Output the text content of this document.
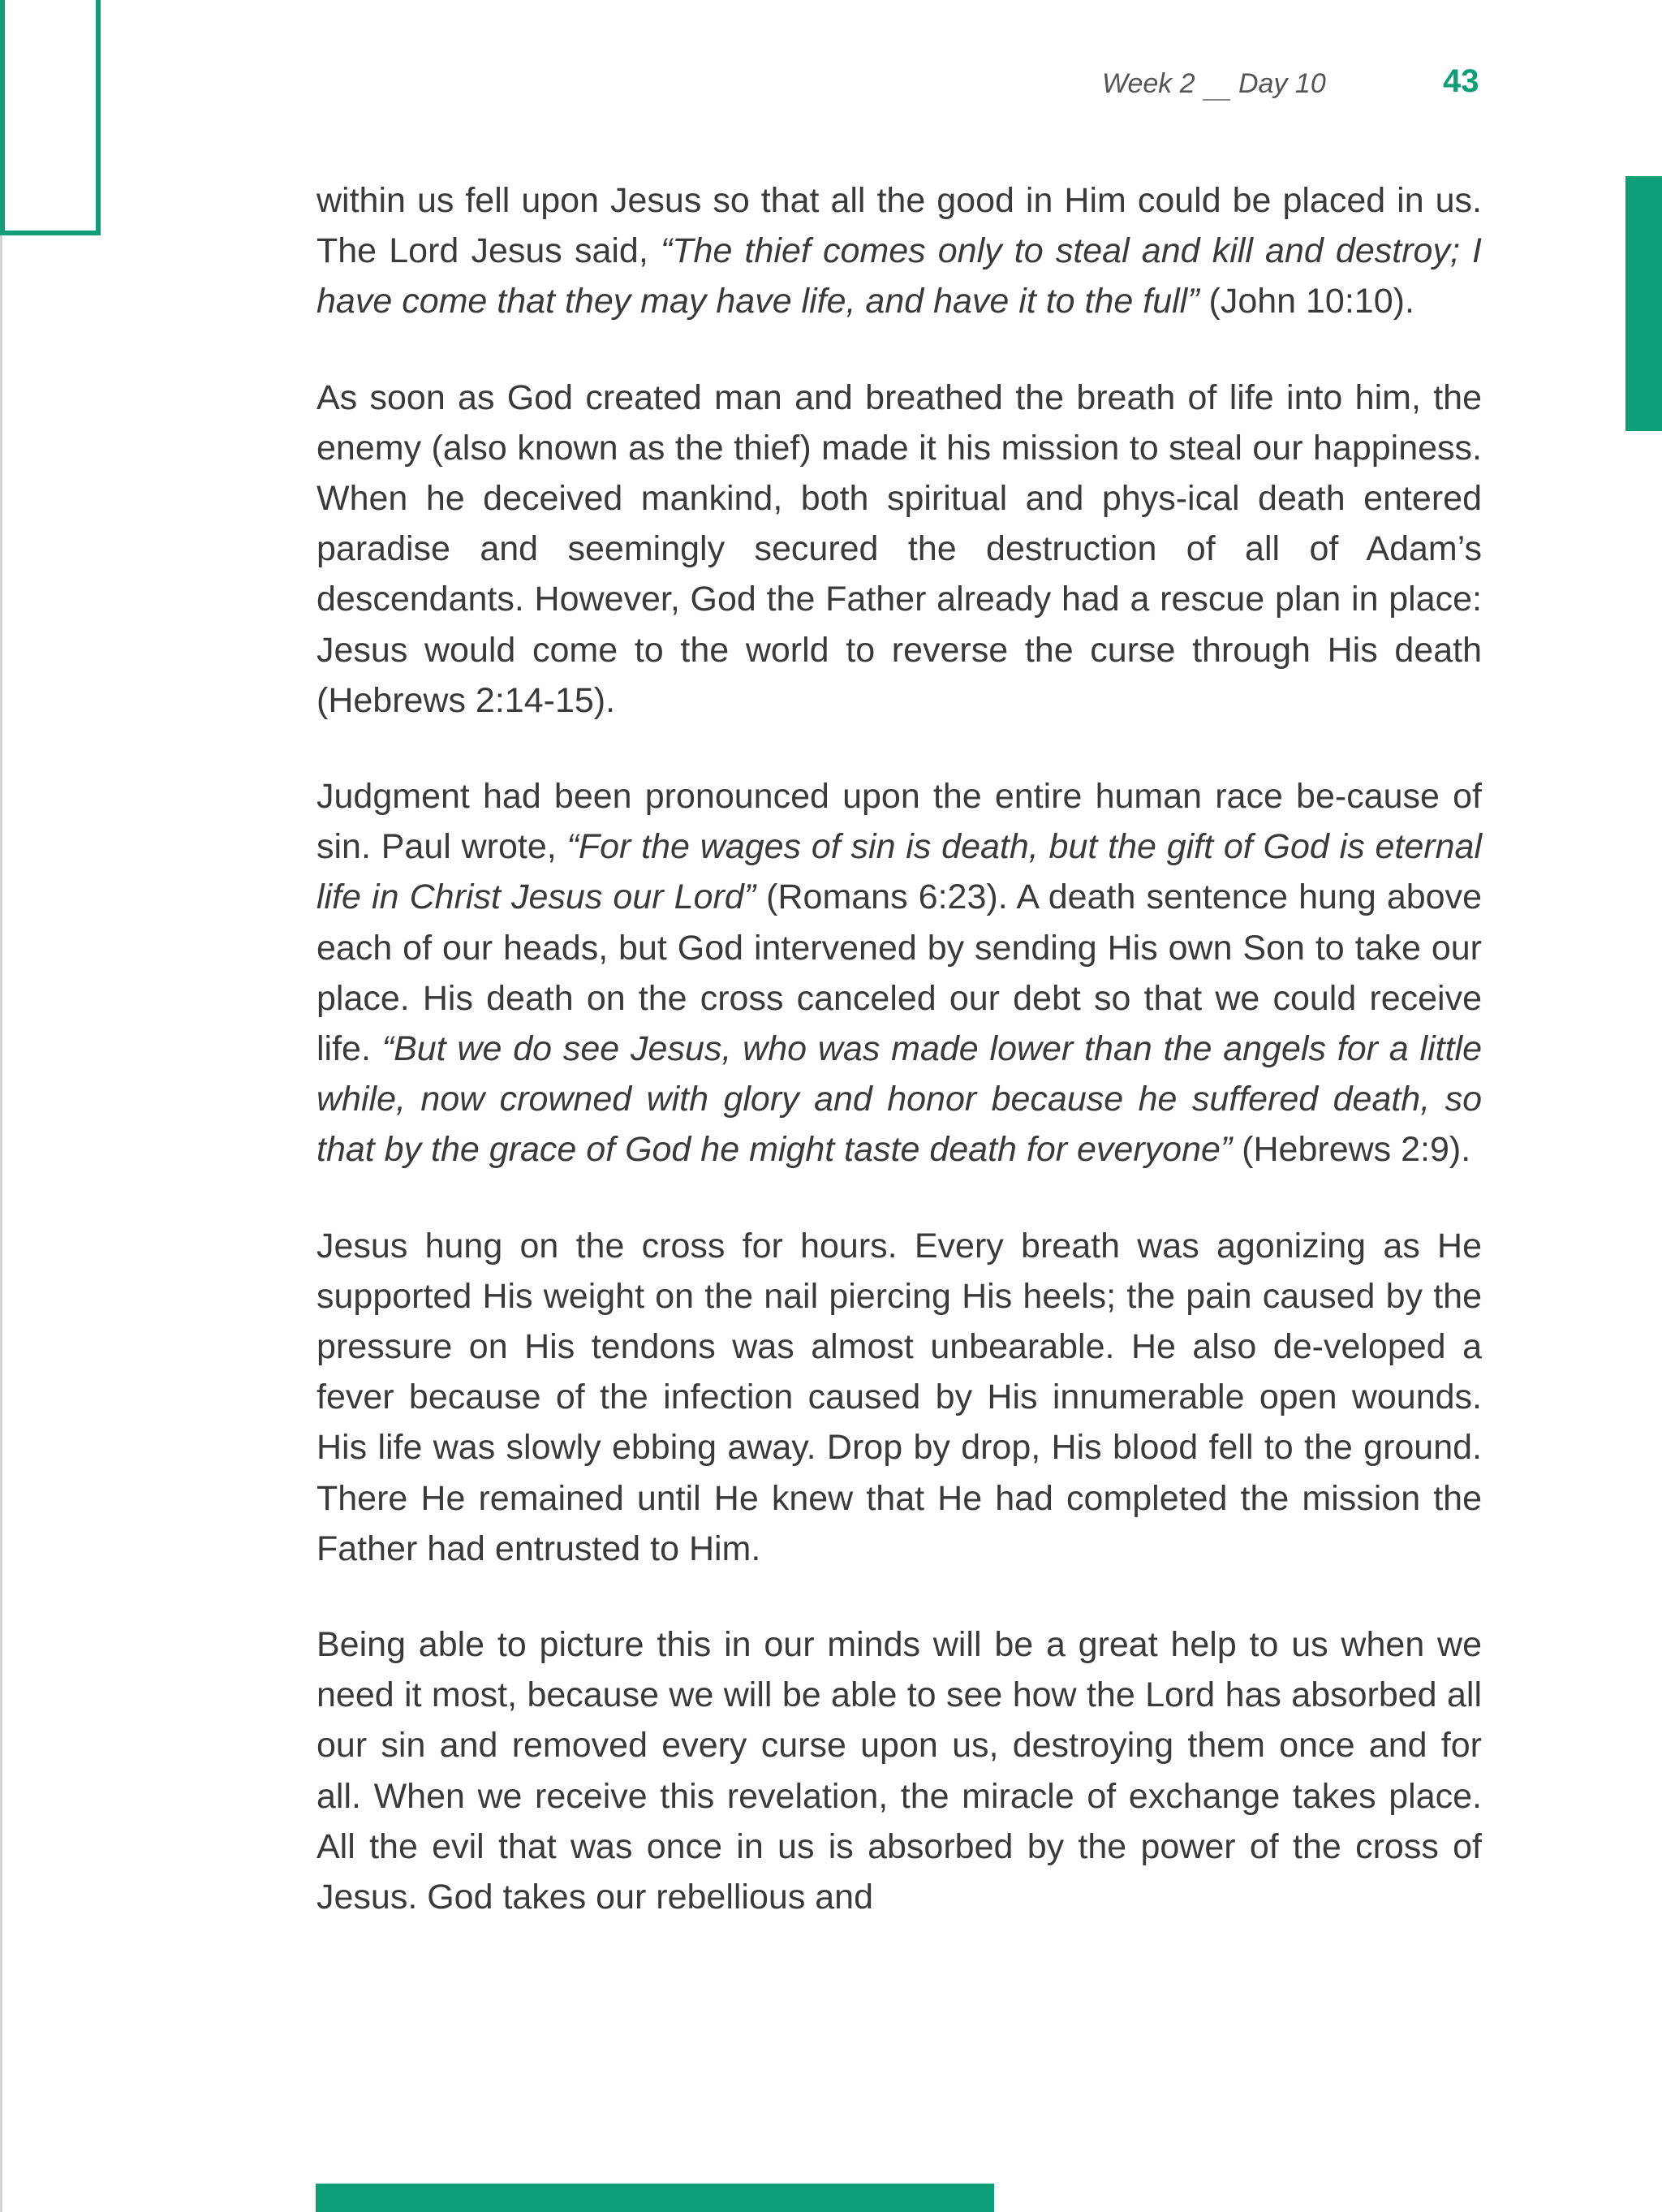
Week 2 Day 10	43

within us fell upon Jesus so that all the good in Him could be placed in us. The Lord Jesus said, “The thief comes only to steal and kill and destroy; I have come that they may have life, and have it to the full” (John 10:10).

As soon as God created man and breathed the breath of life into him, the enemy (also known as the thief) made it his mission to steal our happiness. When he deceived mankind, both spiritual and phys-ical death entered paradise and seemingly secured the destruction of all of Adam’s descendants. However, God the Father already had a rescue plan in place: Jesus would come to the world to reverse the curse through His death (Hebrews 2:14-15).

Judgment had been pronounced upon the entire human race be-cause of sin. Paul wrote, “For the wages of sin is death, but the gift of God is eternal life in Christ Jesus our Lord” (Romans 6:23). A death sentence hung above each of our heads, but God intervened by sending His own Son to take our place. His death on the cross canceled our debt so that we could receive life. “But we do see Jesus, who was made lower than the angels for a little while, now crowned with glory and honor because he suffered death, so that by the grace of God he might taste death for everyone” (Hebrews 2:9).

Jesus hung on the cross for hours. Every breath was agonizing as He supported His weight on the nail piercing His heels; the pain caused by the pressure on His tendons was almost unbearable. He also de-veloped a fever because of the infection caused by His innumerable open wounds. His life was slowly ebbing away. Drop by drop, His blood fell to the ground. There He remained until He knew that He had completed the mission the Father had entrusted to Him.

Being able to picture this in our minds will be a great help to us when we need it most, because we will be able to see how the Lord has absorbed all our sin and removed every curse upon us, destroying them once and for all. When we receive this revelation, the miracle of exchange takes place. All the evil that was once in us is absorbed by the power of the cross of Jesus. God takes our rebellious and
